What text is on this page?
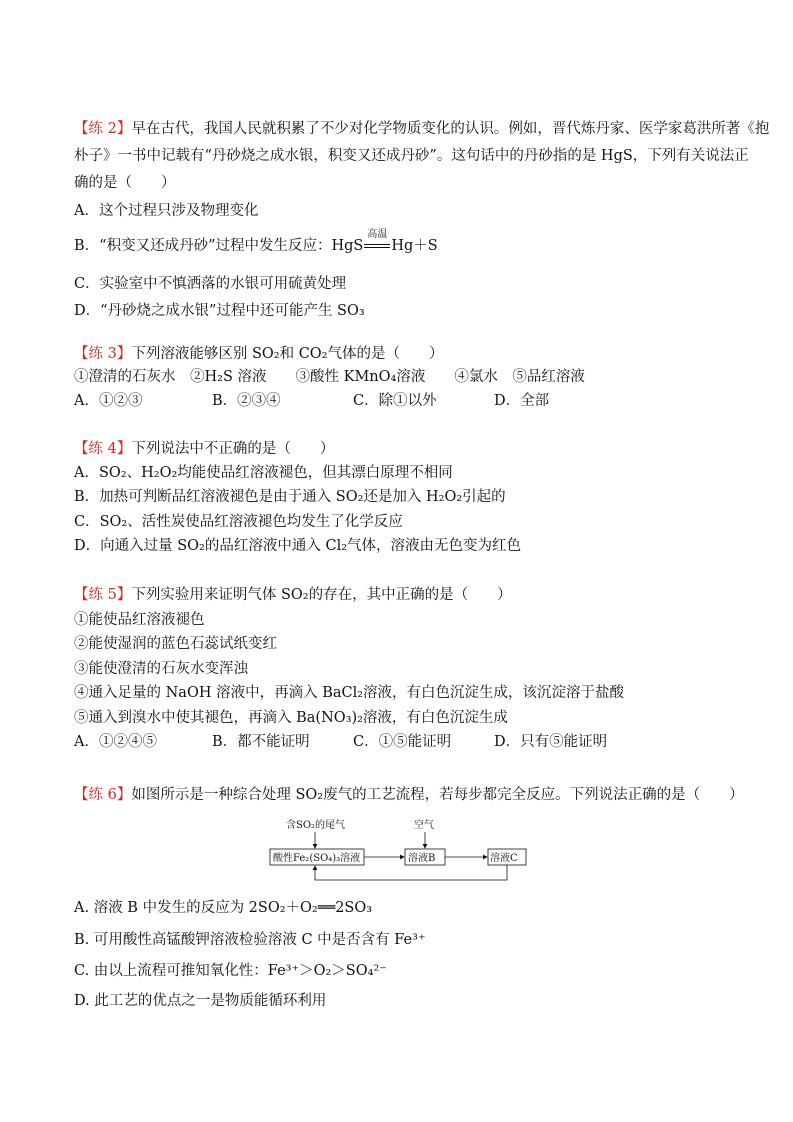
【练 2】早在古代，我国人民就积累了不少对化学物质变化的认识。例如，晋代炼丹家、医学家葛洪所著《抱
朴子》一书中记载有“丹砂烧之成水银，积变又还成丹砂”。这句话中的丹砂指的是 HgS，下列有关说法正
确的是（　　）
A．这个过程只涉及物理变化
B．“积变又还成丹砂”过程中发生反应：HgS
高温
Hg＋S
C．实验室中不慎洒落的水银可用硫黄处理
D．“丹砂烧之成水银”过程中还可能产生 SO₃
【练 3】下列溶液能够区别 SO₂和 CO₂气体的是（　　）
①澄清的石灰水　②H₂S 溶液　　③酸性 KMnO₄溶液　　④氯水　⑤品红溶液
A．①②③	B．②③④	C．除①以外	D．全部
【练 4】下列说法中不正确的是（　　）
A．SO₂、H₂O₂均能使品红溶液褪色，但其漂白原理不相同
B．加热可判断品红溶液褪色是由于通入 SO₂还是加入 H₂O₂引起的
C．SO₂、活性炭使品红溶液褪色均发生了化学反应
D．向通入过量 SO₂的品红溶液中通入 Cl₂气体，溶液由无色变为红色
【练 5】下列实验用来证明气体 SO₂的存在，其中正确的是（　　）
①能使品红溶液褪色
②能使湿润的蓝色石蕊试纸变红
③能使澄清的石灰水变浑浊
④通入足量的 NaOH 溶液中，再滴入 BaCl₂溶液，有白色沉淀生成，该沉淀溶于盐酸
⑤通入到溴水中使其褪色，再滴入 Ba(NO₃)₂溶液，有白色沉淀生成
A．①②④⑤	B．都不能证明	C．①⑤能证明	D．只有⑤能证明
【练 6】如图所示是一种综合处理 SO₂废气的工艺流程，若每步都完全反应。下列说法正确的是（　　）
含SO₂的尾气	空气
酸性Fe₂(SO₄)₃溶液	溶液B	溶液C
A. 溶液 B 中发生的反应为 2SO₂＋O₂══2SO₃
B. 可用酸性高锰酸钾溶液检验溶液 C 中是否含有 Fe³⁺
C. 由以上流程可推知氧化性：Fe³⁺＞O₂＞SO₄²⁻
D. 此工艺的优点之一是物质能循环利用
